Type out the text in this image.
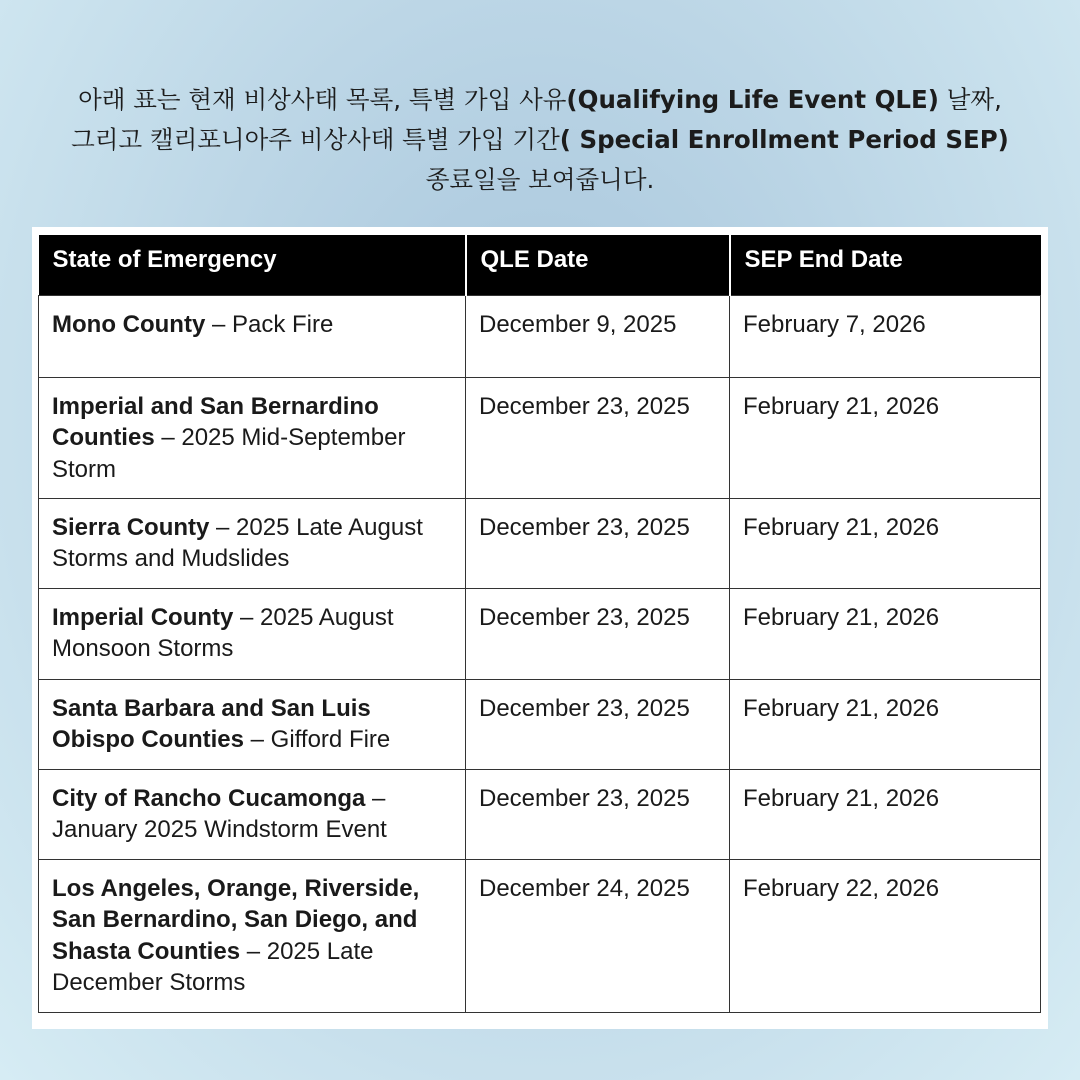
아래 표는 현재 비상사태 목록, 특별 가입 사유(Qualifying Life Event QLE) 날짜,
그리고 캘리포니아주 비상사태 특별 가입 기간( Special Enrollment Period SEP)
종료일을 보여줍니다.
State of Emergency	QLE Date	SEP End Date
Mono County – Pack Fire	December 9, 2025	February 7, 2026
Imperial and San Bernardino Counties – 2025 Mid-September Storm	December 23, 2025	February 21, 2026
Sierra County – 2025 Late August Storms and Mudslides	December 23, 2025	February 21, 2026
Imperial County – 2025 August Monsoon Storms	December 23, 2025	February 21, 2026
Santa Barbara and San Luis Obispo Counties – Gifford Fire	December 23, 2025	February 21, 2026
City of Rancho Cucamonga – January 2025 Windstorm Event	December 23, 2025	February 21, 2026
Los Angeles, Orange, Riverside, San Bernardino, San Diego, and Shasta Counties – 2025 Late December Storms	December 24, 2025	February 22, 2026
